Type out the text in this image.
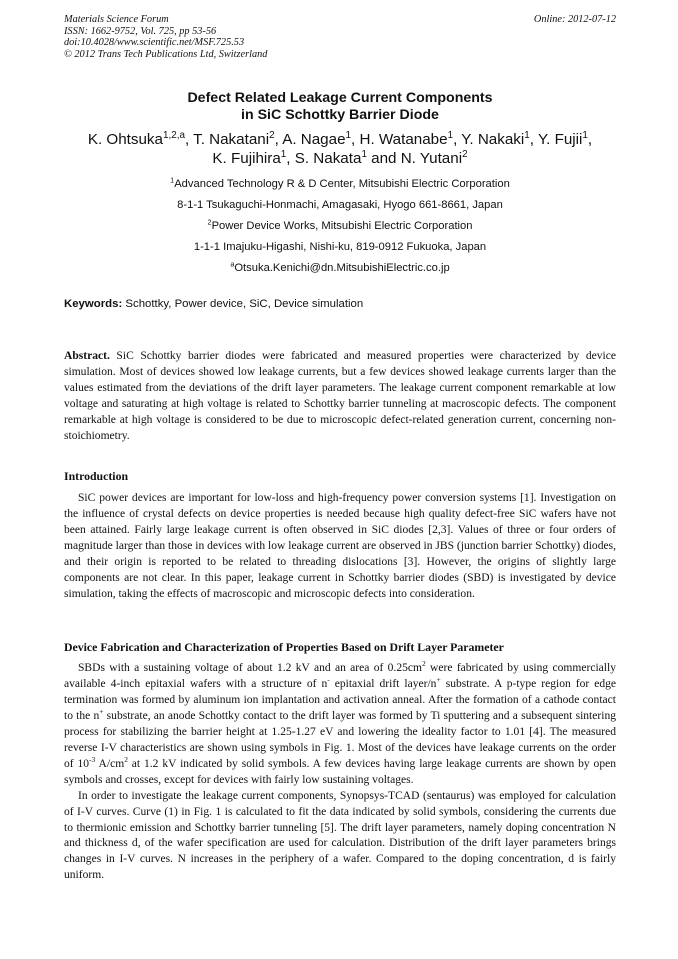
Materials Science Forum
ISSN: 1662-9752, Vol. 725, pp 53-56
doi:10.4028/www.scientific.net/MSF.725.53
© 2012 Trans Tech Publications Ltd, Switzerland
Online: 2012-07-12
Defect Related Leakage Current Components
in SiC Schottky Barrier Diode
K. Ohtsuka$^{1,2,a}$, T. Nakatani$^2$, A. Nagae$^1$, H. Watanabe$^1$, Y. Nakaki$^1$, Y. Fujii$^1$,
K. Fujihira$^1$, S. Nakata$^1$ and N. Yutani$^2$
$^1$Advanced Technology R & D Center, Mitsubishi Electric Corporation
8-1-1 Tsukaguchi-Honmachi, Amagasaki, Hyogo 661-8661, Japan
$^2$Power Device Works, Mitsubishi Electric Corporation
1-1-1 Imajuku-Higashi, Nishi-ku, 819-0912 Fukuoka, Japan
$^a$Otsuka.Kenichi@dn.MitsubishiElectric.co.jp
Keywords: Schottky, Power device, SiC, Device simulation

Abstract. SiC Schottky barrier diodes were fabricated and measured properties were characterized by device simulation. Most of devices showed low leakage currents, but a few devices showed leakage currents larger than the values estimated from the deviations of the drift layer parameters. The leakage current component remarkable at low voltage and saturating at high voltage is related to Schottky barrier tunneling at macroscopic defects. The component remarkable at high voltage is considered to be due to microscopic defect-related generation current, concerning non-stoichiometry.

Introduction

SiC power devices are important for low-loss and high-frequency power conversion systems [1]. Investigation on the influence of crystal defects on device properties is needed because high quality defect-free SiC wafers have not been attained. Fairly large leakage current is often observed in SiC diodes [2,3]. Values of three or four orders of magnitude larger than those in devices with low leakage current are observed in JBS (junction barrier Schottky) diodes, and their origin is reported to be related to threading dislocations [3]. However, the origins of slightly large components are not clear. In this paper, leakage current in Schottky barrier diodes (SBD) is investigated by device simulation, taking the effects of macroscopic and microscopic defects into consideration.

Device Fabrication and Characterization of Properties Based on Drift Layer Parameter

SBDs with a sustaining voltage of about 1.2 kV and an area of $0.25cm^2$ were fabricated by using commercially available 4-inch epitaxial wafers with a structure of n- epitaxial drift layer/n+ substrate. A p-type region for edge termination was formed by aluminum ion implantation and activation anneal. After the formation of a cathode contact to the n+ substrate, an anode Schottky contact to the drift layer was formed by Ti sputtering and a subsequent sintering process for stabilizing the barrier height at 1.25-1.27 eV and lowering the ideality factor to 1.01 [4]. The measured reverse I-V characteristics are shown using symbols in Fig. 1. Most of the devices have leakage currents on the order of $10^{-3}$ $A/cm^2$ at 1.2 kV indicated by solid symbols. A few devices having large leakage currents are shown by open symbols and crosses, except for devices with fairly low sustaining voltages.

In order to investigate the leakage current components, Synopsys-TCAD (sentaurus) was employed for calculation of I-V curves. Curve (1) in Fig. 1 is calculated to fit the data indicated by solid symbols, considering the currents due to thermionic emission and Schottky barrier tunneling [5]. The drift layer parameters, namely doping concentration N and thickness d, of the wafer specification are used for calculation. Distribution of the drift layer parameters brings changes in I-V curves. N increases in the periphery of a wafer. Compared to the doping concentration, d is fairly uniform.
